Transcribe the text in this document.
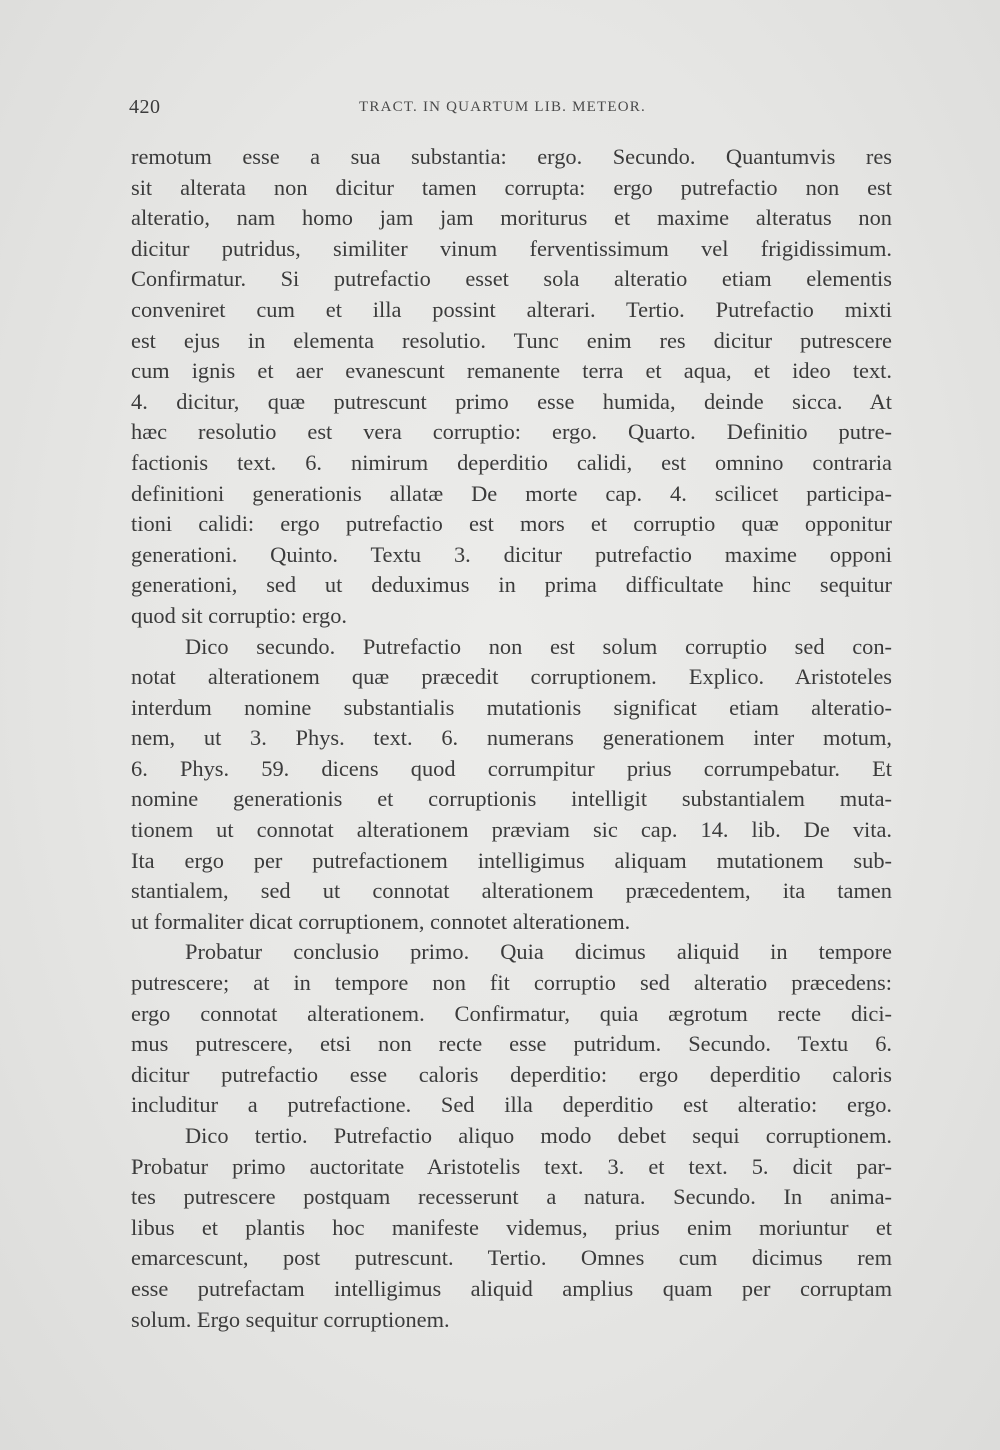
420	TRACT. IN QUARTUM LIB. METEOR.

remotum esse a sua substantia: ergo. Secundo. Quantumvis res
sit alterata non dicitur tamen corrupta: ergo putrefactio non est
alteratio, nam homo jam jam moriturus et maxime alteratus non
dicitur putridus, similiter vinum ferventissimum vel frigidissimum.
Confirmatur. Si putrefactio esset sola alteratio etiam elementis
conveniret cum et illa possint alterari. Tertio. Putrefactio mixti
est ejus in elementa resolutio. Tunc enim res dicitur putrescere
cum ignis et aer evanescunt remanente terra et aqua, et ideo text.
4. dicitur, quæ putrescunt primo esse humida, deinde sicca. At
hæc resolutio est vera corruptio: ergo. Quarto. Definitio putre-
factionis text. 6. nimirum deperditio calidi, est omnino contraria
definitioni generationis allatæ De morte cap. 4. scilicet participa-
tioni calidi: ergo putrefactio est mors et corruptio quæ opponitur
generationi. Quinto. Textu 3. dicitur putrefactio maxime opponi
generationi, sed ut deduximus in prima difficultate hinc sequitur
quod sit corruptio: ergo.

Dico secundo. Putrefactio non est solum corruptio sed con-
notat alterationem quæ præcedit corruptionem. Explico. Aristoteles
interdum nomine substantialis mutationis significat etiam alteratio-
nem, ut 3. Phys. text. 6. numerans generationem inter motum,
6. Phys. 59. dicens quod corrumpitur prius corrumpebatur. Et
nomine generationis et corruptionis intelligit substantialem muta-
tionem ut connotat alterationem præviam sic cap. 14. lib. De vita.
Ita ergo per putrefactionem intelligimus aliquam mutationem sub-
stantialem, sed ut connotat alterationem præcedentem, ita tamen
ut formaliter dicat corruptionem, connotet alterationem.

Probatur conclusio primo. Quia dicimus aliquid in tempore
putrescere; at in tempore non fit corruptio sed alteratio præcedens:
ergo connotat alterationem. Confirmatur, quia ægrotum recte dici-
mus putrescere, etsi non recte esse putridum. Secundo. Textu 6.
dicitur putrefactio esse caloris deperditio: ergo deperditio caloris
includitur a putrefactione. Sed illa deperditio est alteratio: ergo.

Dico tertio. Putrefactio aliquo modo debet sequi corruptionem.
Probatur primo auctoritate Aristotelis text. 3. et text. 5. dicit par-
tes putrescere postquam recesserunt a natura. Secundo. In anima-
libus et plantis hoc manifeste videmus, prius enim moriuntur et
emarcescunt, post putrescunt. Tertio. Omnes cum dicimus rem
esse putrefactam intelligimus aliquid amplius quam per corruptam
solum. Ergo sequitur corruptionem.
